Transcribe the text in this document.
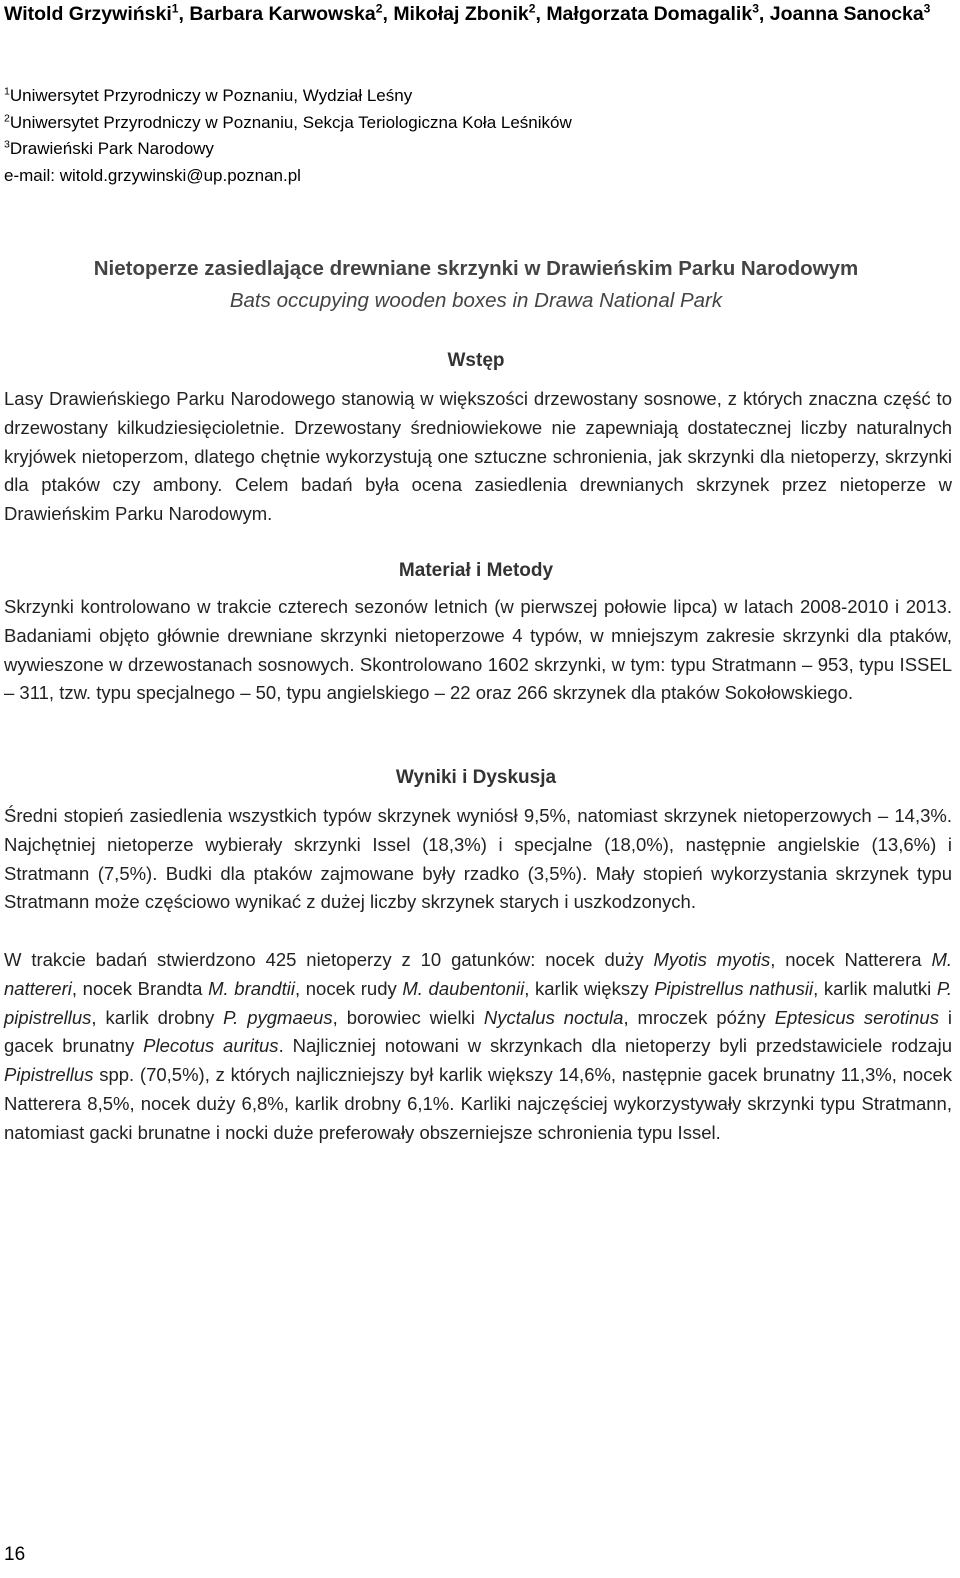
Witold Grzywiński$^1$, Barbara Karwowska$^2$, Mikołaj Zbonik$^2$, Małgorzata Domagalik$^3$, Joanna Sanocka$^3$
$^1$Uniwersytet Przyrodniczy w Poznaniu, Wydział Leśny
$^2$Uniwersytet Przyrodniczy w Poznaniu, Sekcja Teriologiczna Koła Leśników
$^3$Drawieński Park Narodowy
e-mail: witold.grzywinski@up.poznan.pl
Nietoperze zasiedlające drewniane skrzynki w Drawieńskim Parku Narodowym
Bats occupying wooden boxes in Drawa National Park
Wstęp
Lasy Drawieńskiego Parku Narodowego stanowią w większości drzewostany sosnowe, z których znaczna część to drzewostany kilkudziesięcioletnie. Drzewostany średniowiekowe nie zapewniają dostatecznej liczby naturalnych kryjówek nietoperzom, dlatego chętnie wykorzystują one sztuczne schronienia, jak skrzynki dla nietoperzy, skrzynki dla ptaków czy ambony. Celem badań była ocena zasiedlenia drewnianych skrzynek przez nietoperze w Drawieńskim Parku Narodowym.
Materiał i Metody
Skrzynki kontrolowano w trakcie czterech sezonów letnich (w pierwszej połowie lipca) w latach 2008-2010 i 2013. Badaniami objęto głównie drewniane skrzynki nietoperzowe 4 typów, w mniejszym zakresie skrzynki dla ptaków, wywieszone w drzewostanach sosnowych. Skontrolowano 1602 skrzynki, w tym: typu Stratmann – 953, typu ISSEL – 311, tzw. typu specjalnego – 50, typu angielskiego – 22 oraz 266 skrzynek dla ptaków Sokołowskiego.
Wyniki i Dyskusja
Średni stopień zasiedlenia wszystkich typów skrzynek wyniósł 9,5%, natomiast skrzynek nietoperzowych – 14,3%. Najchętniej nietoperze wybierały skrzynki Issel (18,3%) i specjalne (18,0%), następnie angielskie (13,6%) i Stratmann (7,5%). Budki dla ptaków zajmowane były rzadko (3,5%). Mały stopień wykorzystania skrzynek typu Stratmann może częściowo wynikać z dużej liczby skrzynek starych i uszkodzonych.
W trakcie badań stwierdzono 425 nietoperzy z 10 gatunków: nocek duży Myotis myotis, nocek Natterera M. nattereri, nocek Brandta M. brandtii, nocek rudy M. daubentonii, karlik większy Pipistrellus nathusii, karlik malutki P. pipistrellus, karlik drobny P. pygmaeus, borowiec wielki Nyctalus noctula, mroczek późny Eptesicus serotinus i gacek brunatny Plecotus auritus. Najliczniej notowani w skrzynkach dla nietoperzy byli przedstawiciele rodzaju Pipistrellus spp. (70,5%), z których najliczniejszy był karlik większy 14,6%, następnie gacek brunatny 11,3%, nocek Natterera 8,5%, nocek duży 6,8%, karlik drobny 6,1%. Karliki najczęściej wykorzystywały skrzynki typu Stratmann, natomiast gacki brunatne i nocki duże preferowały obszerniejsze schronienia typu Issel.
16
